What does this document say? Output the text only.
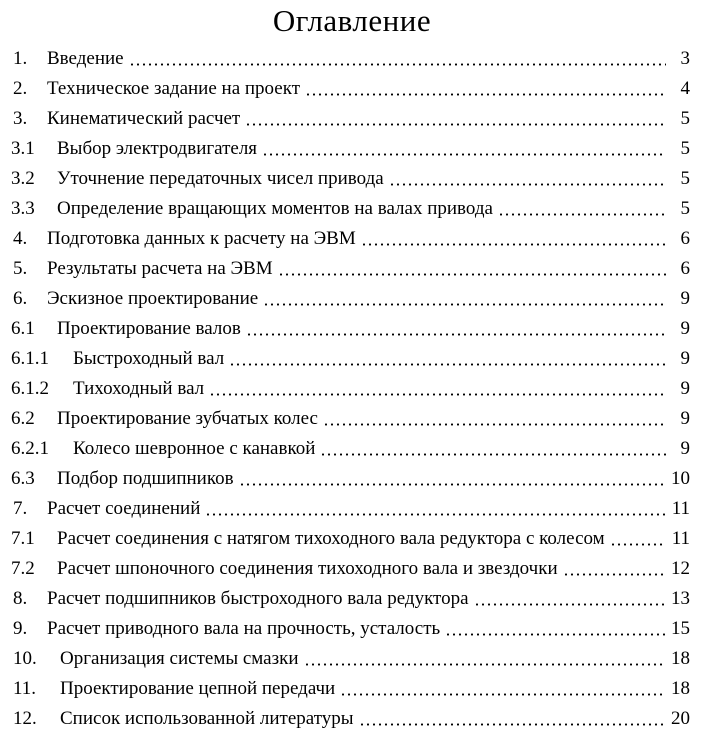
Оглавление
1.	Введение	3
2.	Техническое задание на проект	4
3.	Кинематический расчет	5
3.1	Выбор электродвигателя	5
3.2	Уточнение передаточных чисел привода	5
3.3	Определение вращающих моментов на валах привода	5
4.	Подготовка данных к расчету на ЭВМ	6
5.	Результаты расчета на ЭВМ	6
6.	Эскизное проектирование	9
6.1	Проектирование валов	9
6.1.1	Быстроходный вал	9
6.1.2	Тихоходный вал	9
6.2	Проектирование зубчатых колес	9
6.2.1	Колесо шевронное с канавкой	9
6.3	Подбор подшипников	10
7.	Расчет соединений	11
7.1	Расчет соединения с натягом тихоходного вала редуктора с колесом	11
7.2	Расчет шпоночного соединения тихоходного вала и звездочки	12
8.	Расчет подшипников быстроходного вала редуктора	13
9.	Расчет приводного вала на прочность, усталость	15
10.	Организация системы смазки	18
11.	Проектирование цепной передачи	18
12.	Список использованной литературы	20
